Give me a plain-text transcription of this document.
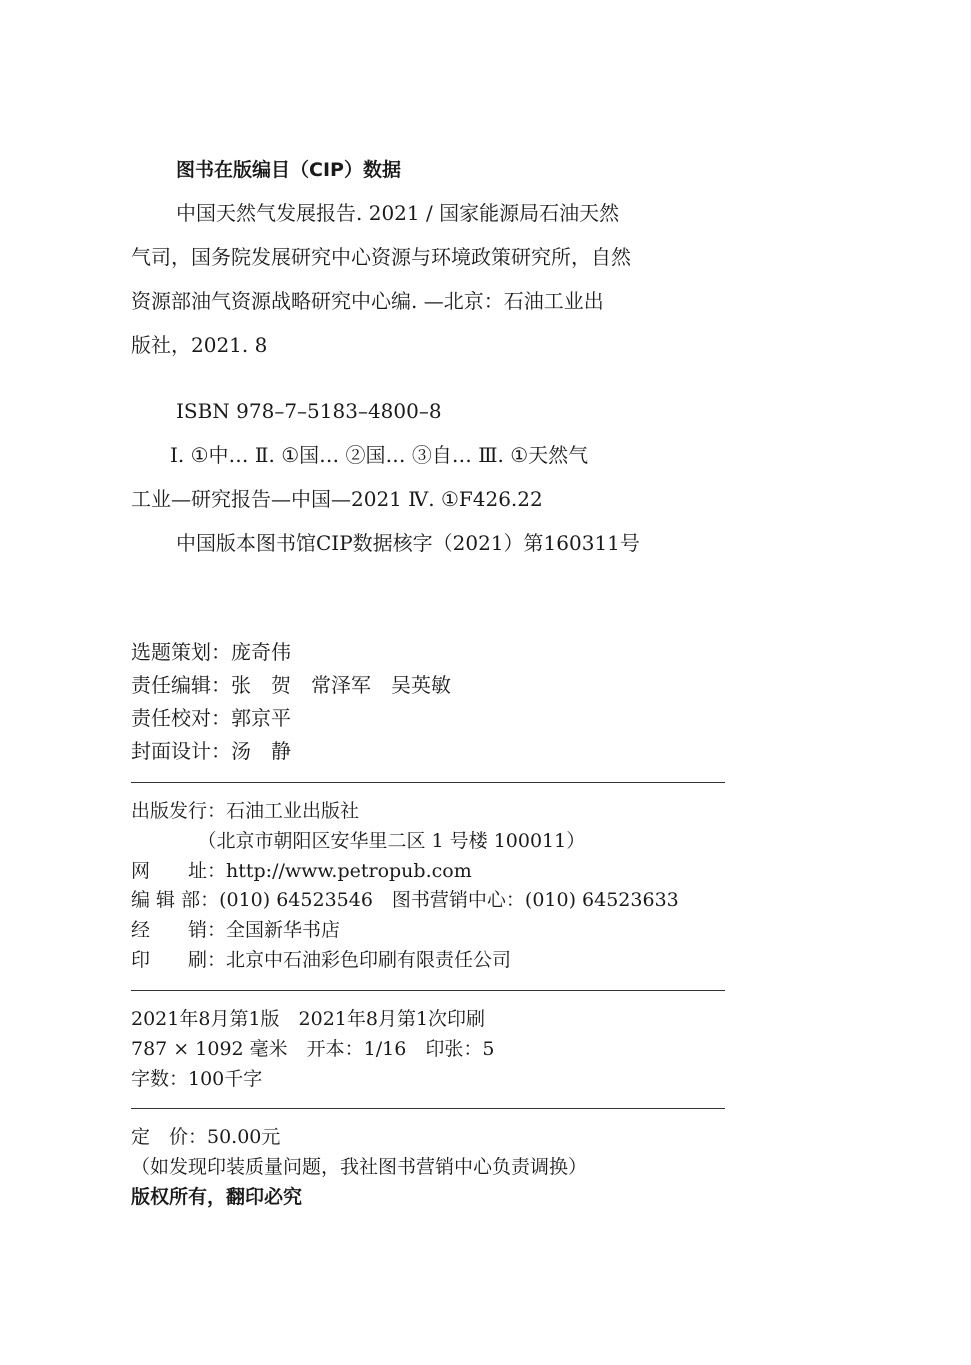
图书在版编目（CIP）数据
中国天然气发展报告. 2021 / 国家能源局石油天然
气司，国务院发展研究中心资源与环境政策研究所，自然
资源部油气资源战略研究中心编. —北京：石油工业出
版社，2021. 8
ISBN 978–7–5183–4800–8
Ⅰ. ①中… Ⅱ. ①国… ②国… ③自… Ⅲ. ①天然气
工业—研究报告—中国—2021 Ⅳ. ①F426.22
中国版本图书馆CIP数据核字（2021）第160311号
选题策划：庞奇伟
责任编辑：张　贺　常泽军　吴英敏
责任校对：郭京平
封面设计：汤　静
出版发行：石油工业出版社
　　　　（北京市朝阳区安华里二区 1 号楼 100011）
网　　址：http://www.petropub.com
编 辑 部：(010) 64523546　图书营销中心：(010) 64523633
经　　销：全国新华书店
印　　刷：北京中石油彩色印刷有限责任公司
2021年8月第1版　2021年8月第1次印刷
787 × 1092 毫米　开本：1/16　印张：5
字数：100千字
定　价：50.00元
（如发现印装质量问题，我社图书营销中心负责调换）
版权所有，翻印必究
